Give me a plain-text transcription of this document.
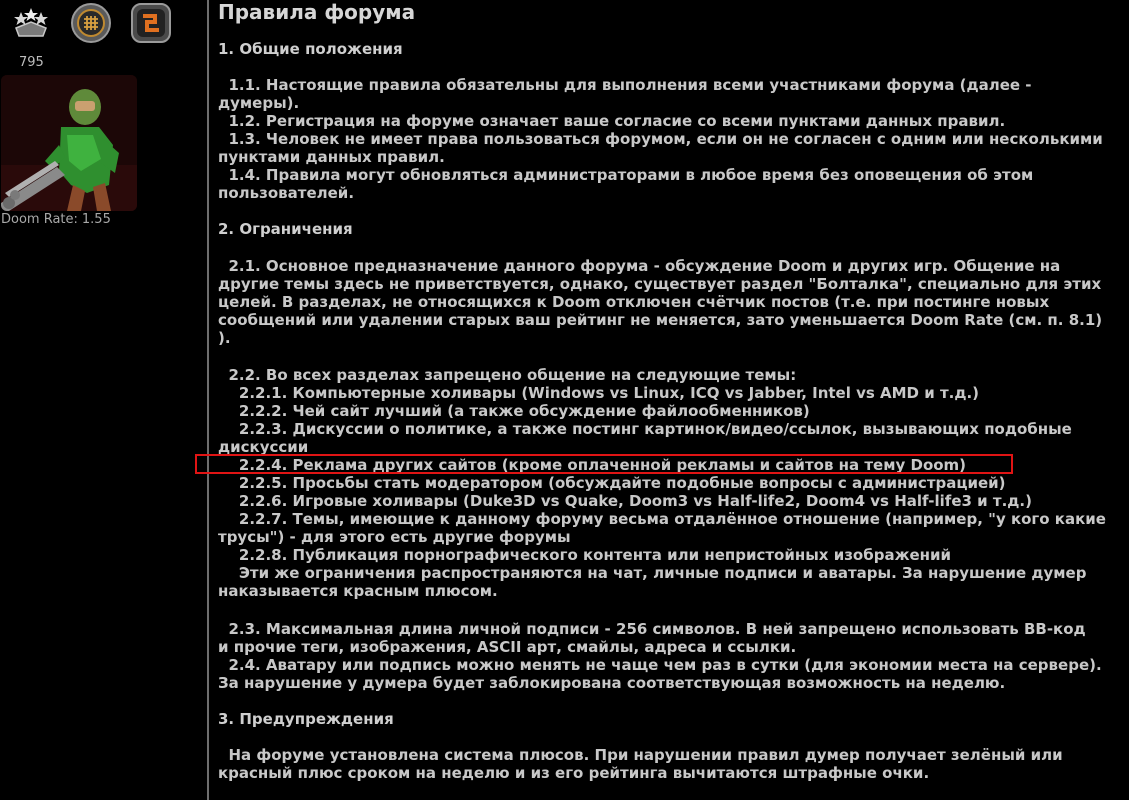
795
Doom Rate: 1.55
Правила форума
1. Общие положения
1.1. Настоящие правила обязательны для выполнения всеми участниками форума (далее -
думеры).
1.2. Регистрация на форуме означает ваше согласие со всеми пунктами данных правил.
1.3. Человек не имеет права пользоваться форумом, если он не согласен с одним или несколькими
пунктами данных правил.
1.4. Правила могут обновляться администраторами в любое время без оповещения об этом
пользователей.
2. Ограничения
2.1. Основное предназначение данного форума - обсуждение Doom и других игр. Общение на
другие темы здесь не приветствуется, однако, существует раздел "Болталка", специально для этих
целей. В разделах, не относящихся к Doom отключен счётчик постов (т.е. при постинге новых
сообщений или удалении старых ваш рейтинг не меняется, зато уменьшается Doom Rate (см. п. 8.1)
).
2.2. Во всех разделах запрещено общение на следующие темы:
2.2.1. Компьютерные холивары (Windows vs Linux, ICQ vs Jabber, Intel vs AMD и т.д.)
2.2.2. Чей сайт лучший (а также обсуждение файлообменников)
2.2.3. Дискуссии о политике, а также постинг картинок/видео/ссылок, вызывающих подобные
дискуссии
2.2.4. Реклама других сайтов (кроме оплаченной рекламы и сайтов на тему Doom)
2.2.5. Просьбы стать модератором (обсуждайте подобные вопросы с администрацией)
2.2.6. Игровые холивары (Duke3D vs Quake, Doom3 vs Half-life2, Doom4 vs Half-life3 и т.д.)
2.2.7. Темы, имеющие к данному форуму весьма отдалённое отношение (например, "у кого какие
трусы") - для этого есть другие форумы
2.2.8. Публикация порнографического контента или непристойных изображений
Эти же ограничения распространяются на чат, личные подписи и аватары. За нарушение думер
наказывается красным плюсом.
2.3. Максимальная длина личной подписи - 256 символов. В ней запрещено использовать BB-код
и прочие теги, изображения, ASCII арт, смайлы, адреса и ссылки.
2.4. Аватару или подпись можно менять не чаще чем раз в сутки (для экономии места на сервере).
За нарушение у думера будет заблокирована соответствующая возможность на неделю.
3. Предупреждения
На форуме установлена система плюсов. При нарушении правил думер получает зелёный или
красный плюс сроком на неделю и из его рейтинга вычитаются штрафные очки.
